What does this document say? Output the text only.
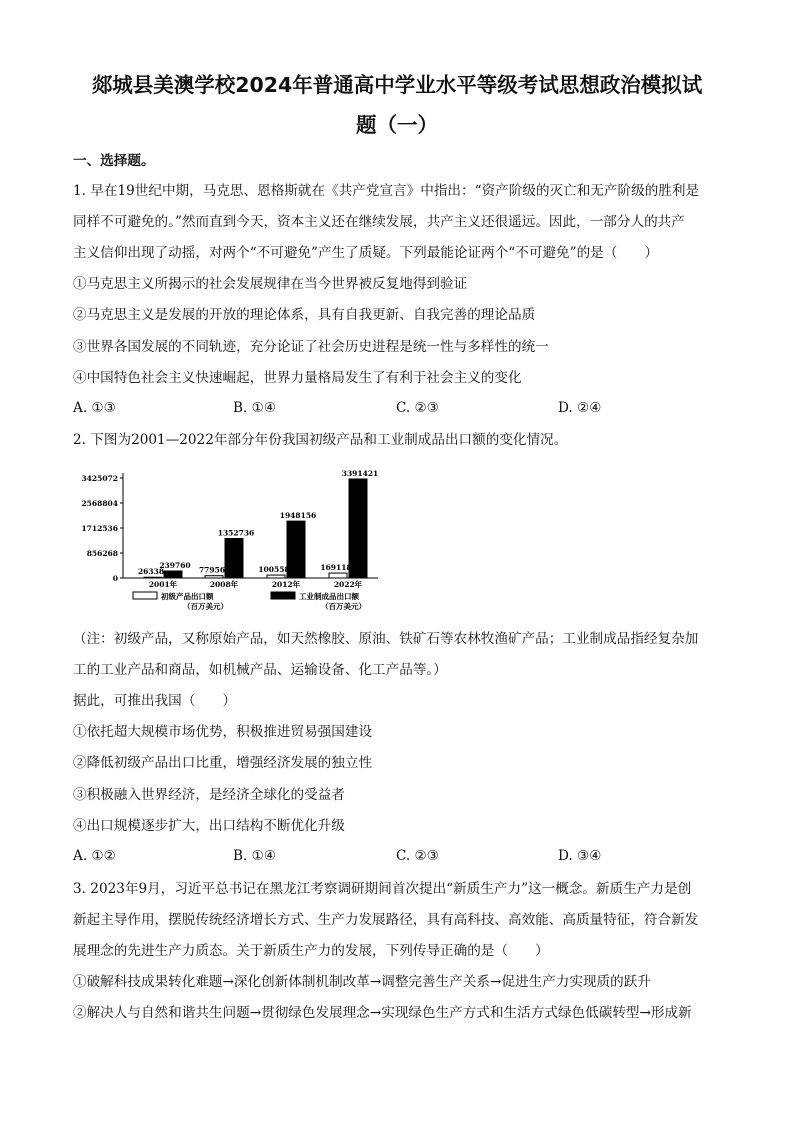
郯城县美澳学校2024年普通高中学业水平等级考试思想政治模拟试
题（一）
一、选择题。
1. 早在19世纪中期，马克思、恩格斯就在《共产党宣言》中指出：“资产阶级的灭亡和无产阶级的胜利是
同样不可避免的。”然而直到今天，资本主义还在继续发展，共产主义还很遥远。因此，一部分人的共产
主义信仰出现了动摇，对两个“不可避免”产生了质疑。下列最能论证两个“不可避免”的是（　　）
①马克思主义所揭示的社会发展规律在当今世界被反复地得到验证
②马克思主义是发展的开放的理论体系，具有自我更新、自我完善的理论品质
③世界各国发展的不同轨迹，充分论证了社会历史进程是统一性与多样性的统一
④中国特色社会主义快速崛起，世界力量格局发生了有利于社会主义的变化
A. ①③	B. ①④	C. ②③	D. ②④
2. 下图为2001—2022年部分年份我国初级产品和工业制成品出口额的变化情况。
0
856268
1712536
2568804
3425072
26338
239760
2001年
77956
1352736
2008年
100558
1948156
2012年
169118
3391421
2022年
初级产品出口额
（百万美元）
工业制成品出口额
（百万美元）
（注：初级产品，又称原始产品，如天然橡胶、原油、铁矿石等农林牧渔矿产品；工业制成品指经复杂加
工的工业产品和商品，如机械产品、运输设备、化工产品等。）
据此，可推出我国（　　）
①依托超大规模市场优势，积极推进贸易强国建设
②降低初级产品出口比重，增强经济发展的独立性
③积极融入世界经济，是经济全球化的受益者
④出口规模逐步扩大，出口结构不断优化升级
A. ①②	B. ①④	C. ②③	D. ③④
3. 2023年9月，习近平总书记在黑龙江考察调研期间首次提出“新质生产力”这一概念。新质生产力是创
新起主导作用，摆脱传统经济增长方式、生产力发展路径，具有高科技、高效能、高质量特征，符合新发
展理念的先进生产力质态。关于新质生产力的发展，下列传导正确的是（　　）
①破解科技成果转化难题→深化创新体制机制改革→调整完善生产关系→促进生产力实现质的跃升
②解决人与自然和谐共生问题→贯彻绿色发展理念→实现绿色生产方式和生活方式绿色低碳转型→形成新
